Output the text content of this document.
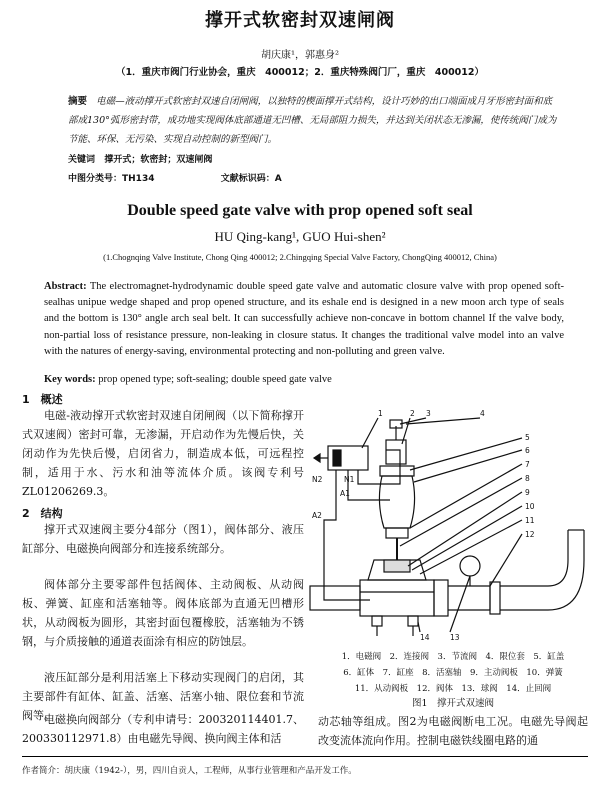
撑开式软密封双速闸阀
胡庆康¹，郭惠身²
（1．重庆市阀门行业协会，重庆　400012；2．重庆特殊阀门厂，重庆　400012）
摘要 电磁—液动撑开式软密封双速自闭闸阀，以独特的楔面撑开式结构，设计巧妙的出口端面成月牙形密封面和底部成130°弧形密封带，成功地实现阀体底部通道无凹槽、无局部阻力损失，并达到关闭状态无渗漏，使传统阀门成为节能、环保、无污染、实现自动控制的新型阀门。
关键词 撑开式；软密封；双速闸阀
中图分类号：TH134	文献标识码：A
Double speed gate valve with prop opened soft seal
HU Qing-kang¹, GUO Hui-shen²
(1.Chognqing Valve Institute, Chong Qing 400012; 2.Chingqing Special Valve Factory, ChongQing 400012, China)
Abstract: The electromagnet-hydrodynamic double speed gate valve and automatic closure valve with prop opened soft-sealhas unipue wedge shaped and prop opened structure, and its eshale end is designed in a new moon arch type of seals and the bottom is 130° angle arch seal belt. It can successfully achieve non-concave in bottom channel If the valve body, non-partial loss of resistance pressure, non-leaking in closure status. It changes the traditional valve model into an valve with the natures of energy-saving, environmental protecting and non-polluting and green valve.
Key words: prop opened type; soft-sealing; double speed gate valve
1　概述
电磁-液动撑开式软密封双速自闭闸阀（以下简称撑开式双速阀）密封可靠，无渗漏，开启动作为先慢后快，关闭动作为先快后慢，启闭省力，制造成本低，可远程控制，适用于水、污水和油等流体介质。该阀专利号ZL01206269.3。
2　结构
撑开式双速阀主要分4部分（图1），阀体部分、液压缸部分、电磁换向阀部分和连接系统部分。
阀体部分主要零部件包括阀体、主动阀板、从动阀板、弹簧、缸座和活塞轴等。阀体底部为直通无凹槽形状，从动阀板为圆形，其密封面包覆橡胶，活塞轴为不锈钢，与介质接触的通道表面涂有相应的防蚀层。
液压缸部分是利用活塞上下移动实现阀门的启闭，其主要部件有缸体、缸盖、活塞、活塞小轴、限位套和节流阀等。
电磁换向阀部分（专利申请号：200320114401.7、200330112971.8）由电磁先导阀、换向阀主体和活
1	2 3	4
5
6
7
8
9
10
11
12
13
14
N2	N1
A1
A2
1．电磁阀　2．连接阀　3．节流阀　4．限位套　5．缸盖
6．缸体　7．缸座　8．活塞轴　9．主动阀板　10．弹簧
11．从动阀板　12．阀体　13．球阀　14．止回阀
图1　撑开式双速阀
动芯轴等组成。图2为电磁阀断电工况。电磁先导阀起改变流体流向作用。控制电磁铁线圈电路的通
作者简介：胡庆康（1942-），男，四川自贡人，工程师，从事行业管理和产品开发工作。
